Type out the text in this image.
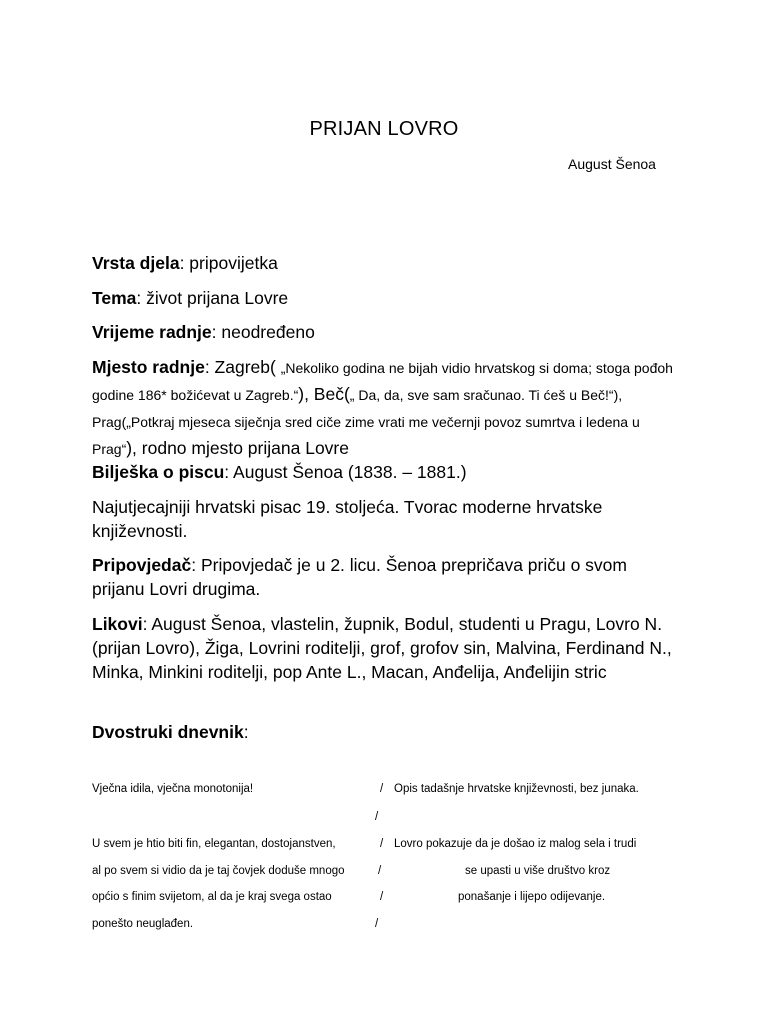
PRIJAN LOVRO
August Šenoa
Vrsta djela: pripovijetka
Tema: život prijana Lovre
Vrijeme radnje: neodređeno
Mjesto radnje: Zagreb( „Nekoliko godina ne bijah vidio hrvatskog si doma; stoga pođoh godine 186* božićevat u Zagreb.“), Beč(„ Da, da, sve sam sračunao. Ti ćeš u Beč!“), Prag(„Potkraj mjeseca siječnja sred ciče zime vrati me večernji povoz sumrtva i ledena u Prag“), rodno mjesto prijana Lovre
Bilješka o piscu: August Šenoa (1838. – 1881.)
Najutjecajniji hrvatski pisac 19. stoljeća. Tvorac moderne hrvatske književnosti.
Pripovjedač: Pripovjedač je u 2. licu. Šenoa prepričava priču o svom prijanu Lovri drugima.
Likovi: August Šenoa, vlastelin, župnik, Bodul, studenti u Pragu, Lovro N. (prijan Lovro), Žiga, Lovrini roditelji, grof, grofov sin, Malvina, Ferdinand N., Minka, Minkini roditelji, pop Ante L., Macan, Anđelija, Anđelijin stric
Dvostruki dnevnik:
Vječna idila, vječna monotonija!	/ Opis tadašnje hrvatske književnosti, bez junaka.
/
U svem je htio biti fin, elegantan, dostojanstven,	/ Lovro pokazuje da je došao iz malog sela i trudi
al po svem si vidio da je taj čovjek doduše mnogo	/	se upasti u više društvo kroz
općio s finim svijetom, al da je kraj svega ostao	/	ponašanje i lijepo odijevanje.
ponešto neuglađen.	/
